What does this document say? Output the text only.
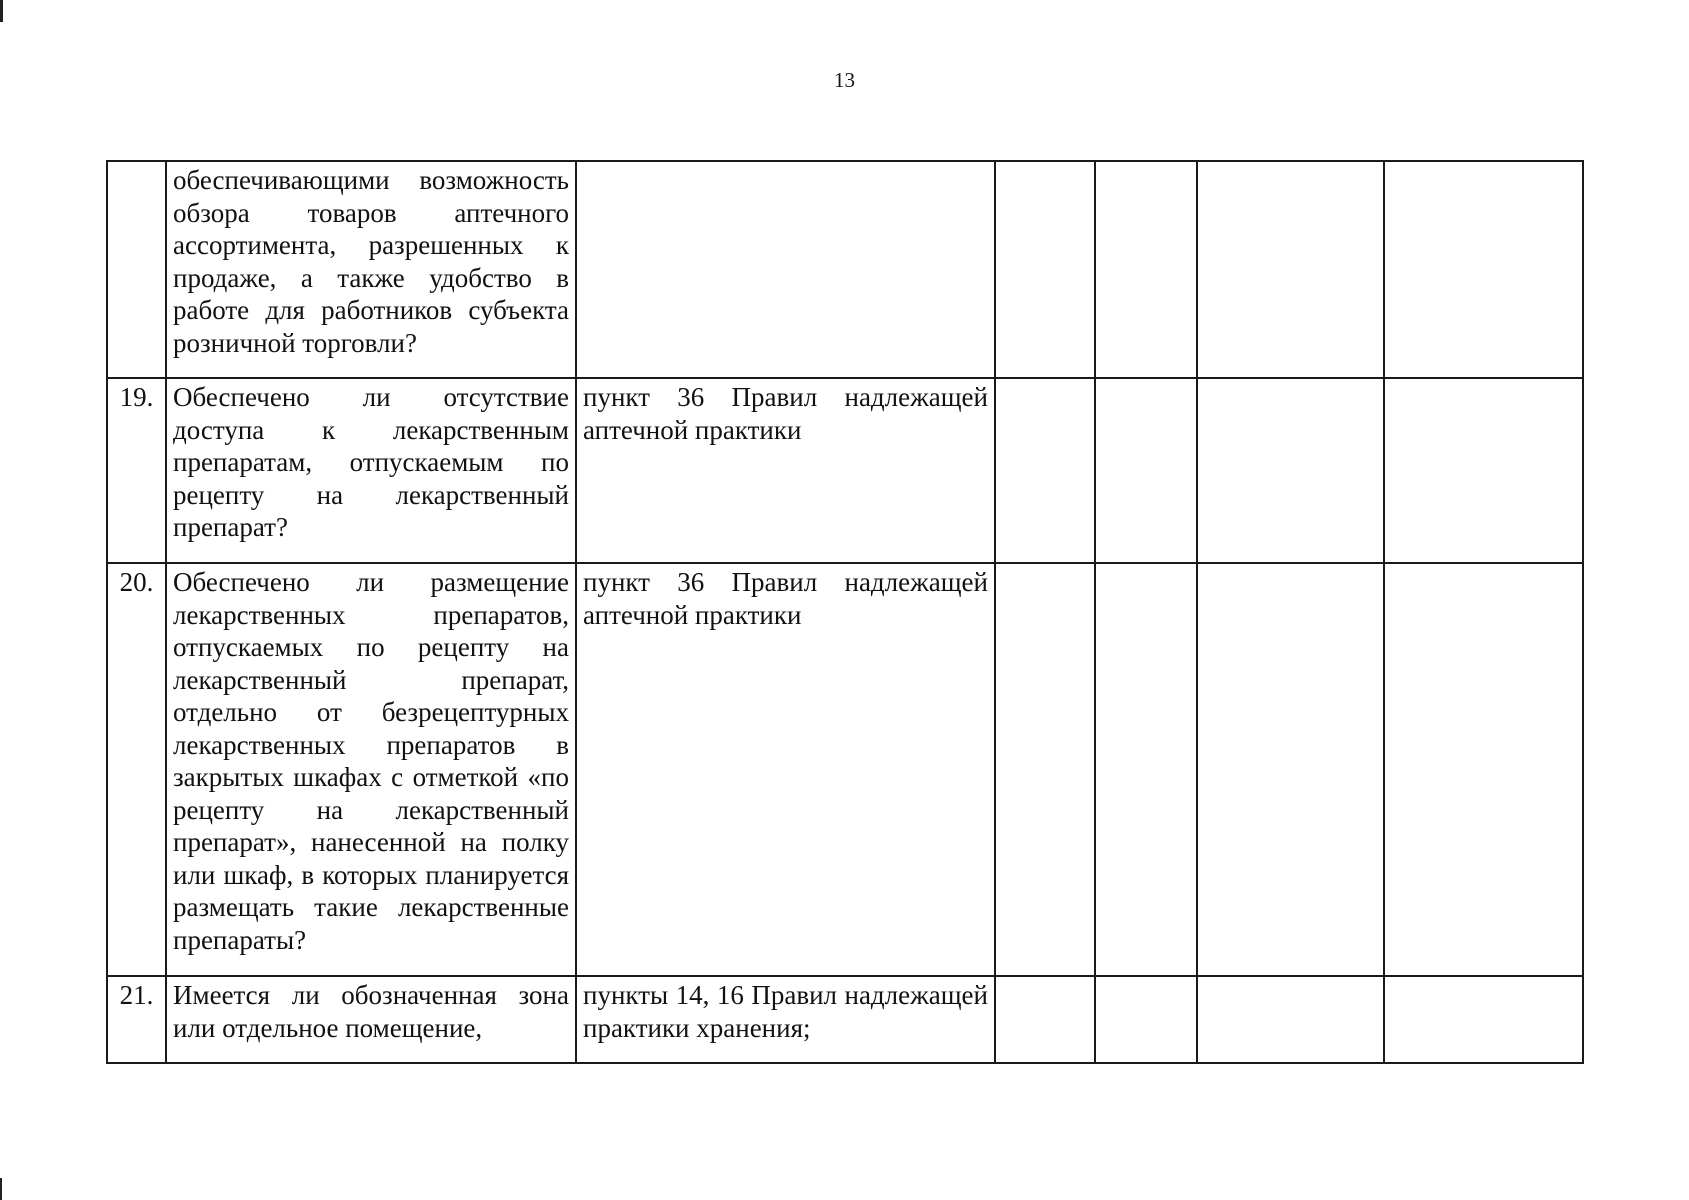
13
	обеспечивающими возможность обзора товаров аптечного ассортимента, разрешенных к продаже, а также удобство в работе для работников субъекта розничной торговли?					
19.	Обеспечено ли отсутствие доступа к лекарственным препаратам, отпускаемым по рецепту на лекарственный препарат?	пункт 36 Правил надлежащей аптечной практики				
20.	Обеспечено ли размещение лекарственных препаратов, отпускаемых по рецепту на лекарственный препарат, отдельно от безрецептурных лекарственных препаратов в закрытых шкафах с отметкой «по рецепту на лекарственный препарат», нанесенной на полку или шкаф, в которых планируется размещать такие лекарственные препараты?	пункт 36 Правил надлежащей аптечной практики				
21.	Имеется ли обозначенная зона или отдельное помещение,	пункты 14, 16 Правил надлежащей практики хранения;				
